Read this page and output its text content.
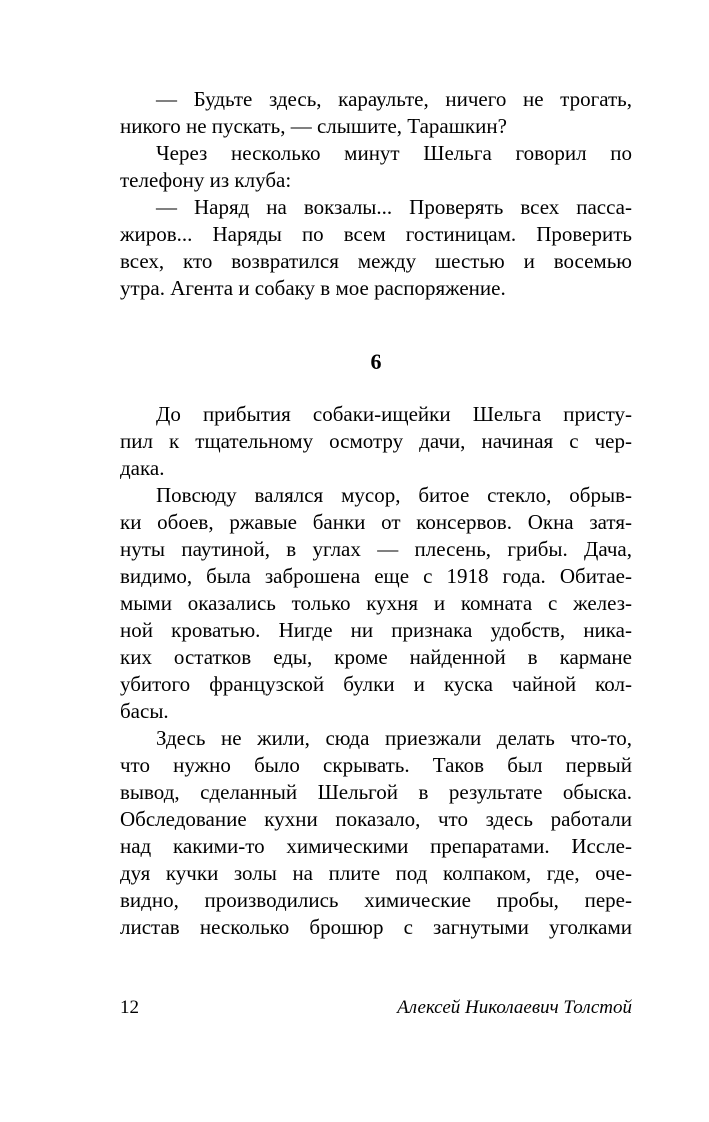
— Будьте здесь, караульте, ничего не трогать,
никого не пускать, — слышите, Тарашкин?

Через несколько минут Шельга говорил по
телефону из клуба:

— Наряд на вокзалы... Проверять всех пасса-
жиров... Наряды по всем гостиницам. Проверить
всех, кто возвратился между шестью и восемью
утра. Агента и собаку в мое распоряжение.

6

До прибытия собаки-ищейки Шельга присту-
пил к тщательному осмотру дачи, начиная с чер-
дака.

Повсюду валялся мусор, битое стекло, обрыв-
ки обоев, ржавые банки от консервов. Окна затя-
нуты паутиной, в углах — плесень, грибы. Дача,
видимо, была заброшена еще с 1918 года. Обитае-
мыми оказались только кухня и комната с желез-
ной кроватью. Нигде ни признака удобств, ника-
ких остатков еды, кроме найденной в кармане
убитого французской булки и куска чайной кол-
басы.

Здесь не жили, сюда приезжали делать что-то,
что нужно было скрывать. Таков был первый
вывод, сделанный Шельгой в результате обыска.
Обследование кухни показало, что здесь работали
над какими-то химическими препаратами. Иссле-
дуя кучки золы на плите под колпаком, где, оче-
видно, производились химические пробы, пере-
листав несколько брошюр с загнутыми уголками

12	Алексей Николаевич Толстой
